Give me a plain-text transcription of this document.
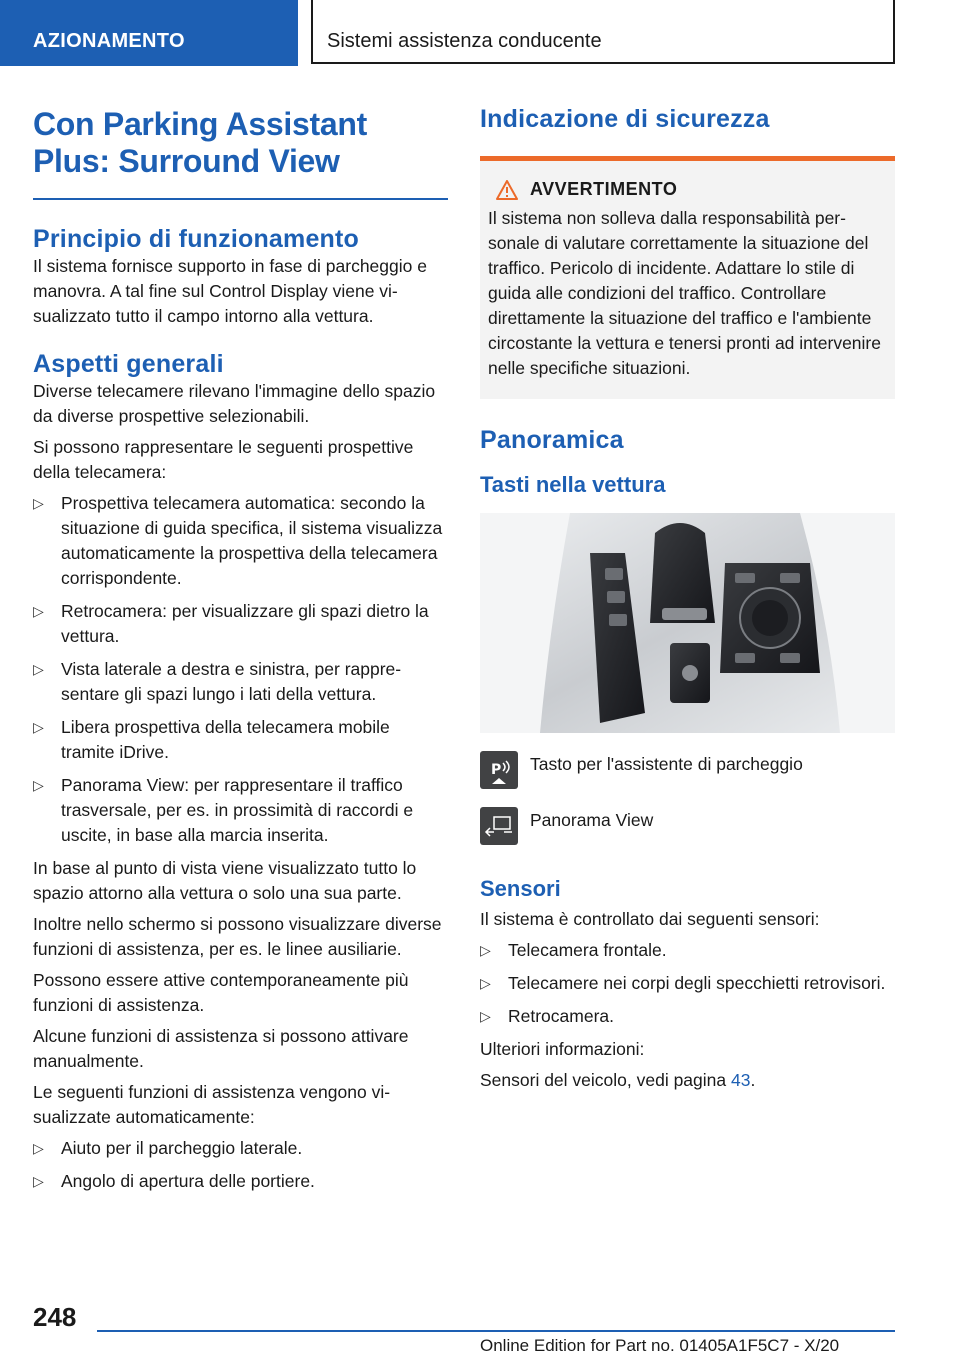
AZIONAMENTO	Sistemi assistenza conducente
Con Parking Assistant Plus: Surround View
Principio di funzionamento

Il sistema fornisce supporto in fase di parcheggio e manovra. A tal fine sul Control Display viene visualizzato tutto il campo intorno alla vettura.

Aspetti generali

Diverse telecamere rilevano l'immagine dello spazio da diverse prospettive selezionabili.

Si possono rappresentare le seguenti prospettive della telecamera:

▷ Prospettiva telecamera automatica: secondo la situazione di guida specifica, il sistema visualizza automaticamente la prospettiva della telecamera corrispondente.
▷ Retrocamera: per visualizzare gli spazi dietro la vettura.
▷ Vista laterale a destra e sinistra, per rappresentare gli spazi lungo i lati della vettura.
▷ Libera prospettiva della telecamera mobile tramite iDrive.
▷ Panorama View: per rappresentare il traffico trasversale, per es. in prossimità di raccordi e uscite, in base alla marcia inserita.

In base al punto di vista viene visualizzato tutto lo spazio attorno alla vettura o solo una sua parte.

Inoltre nello schermo si possono visualizzare diverse funzioni di assistenza, per es. le linee ausiliarie.

Possono essere attive contemporaneamente più funzioni di assistenza.

Alcune funzioni di assistenza si possono attivare manualmente.

Le seguenti funzioni di assistenza vengono visualizzate automaticamente:

▷ Aiuto per il parcheggio laterale.
▷ Angolo di apertura delle portiere.
Indicazione di sicurezza
AVVERTIMENTO

Il sistema non solleva dalla responsabilità personale di valutare correttamente la situazione del traffico. Pericolo di incidente. Adattare lo stile di guida alle condizioni del traffico. Controllare direttamente la situazione del traffico e l'ambiente circostante la vettura e tenersi pronti ad intervenire nelle specifiche situazioni.

Panoramica
Tasti nella vettura
P Tasto per l'assistente di parcheggio
Panorama View
Sensori

Il sistema è controllato dai seguenti sensori:

▷ Telecamera frontale.
▷ Telecamere nei corpi degli specchietti retrovisori.
▷ Retrocamera.

Ulteriori informazioni:

Sensori del veicolo, vedi pagina 43.

248
Online Edition for Part no. 01405A1F5C7 - X/20
